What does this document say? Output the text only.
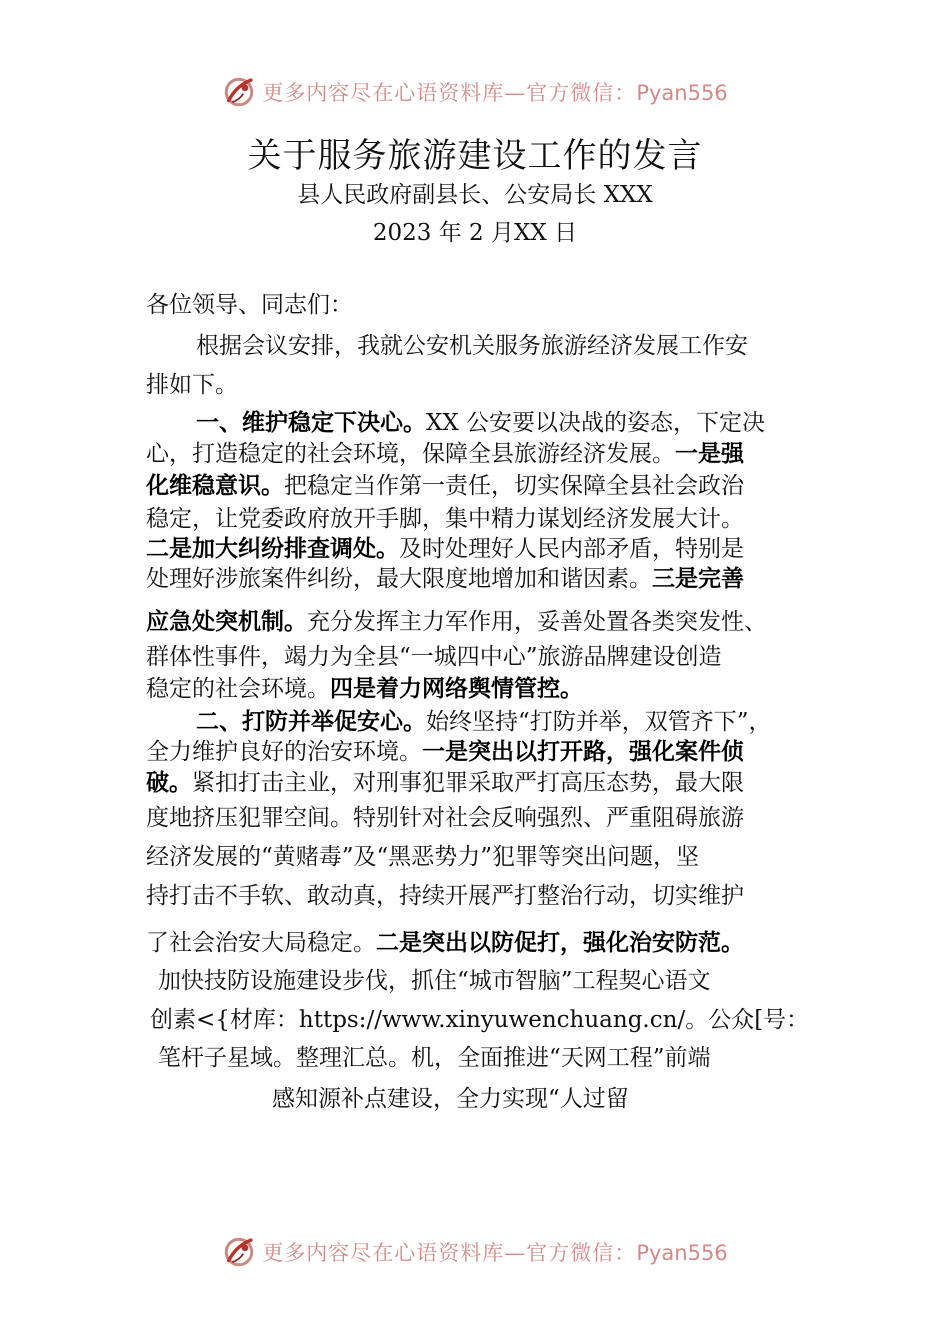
更多内容尽在心语资料库—官方微信：Pyan556
关于服务旅游建设工作的发言
县人民政府副县长、公安局长 XXX
2023 年 2 月XX 日
各位领导、同志们：
根据会议安排，我就公安机关服务旅游经济发展工作安
排如下。
一、维护稳定下决心。XX 公安要以决战的姿态，下定决
心，打造稳定的社会环境，保障全县旅游经济发展。一是强
化维稳意识。把稳定当作第一责任，切实保障全县社会政治
稳定，让党委政府放开手脚，集中精力谋划经济发展大计。
二是加大纠纷排查调处。及时处理好人民内部矛盾，特别是
处理好涉旅案件纠纷，最大限度地增加和谐因素。三是完善
应急处突机制。充分发挥主力军作用，妥善处置各类突发性、
群体性事件，竭力为全县“一城四中心”旅游品牌建设创造
稳定的社会环境。四是着力网络舆情管控。
二、打防并举促安心。始终坚持“打防并举，双管齐下”，
全力维护良好的治安环境。一是突出以打开路，强化案件侦
破。紧扣打击主业，对刑事犯罪采取严打高压态势，最大限
度地挤压犯罪空间。特别针对社会反响强烈、严重阻碍旅游
经济发展的“黄赌毒”及“黑恶势力”犯罪等突出问题，坚
持打击不手软、敢动真，持续开展严打整治行动，切实维护
了社会治安大局稳定。二是突出以防促打，强化治安防范。
加快技防设施建设步伐，抓住“城市智脑”工程契心语文
创素<{材库：https://www.xinyuwenchuang.cn/。公众[号：
笔杆子星域。整理汇总。机，全面推进“天网工程”前端
感知源补点建设，全力实现“人过留
更多内容尽在心语资料库—官方微信：Pyan556
